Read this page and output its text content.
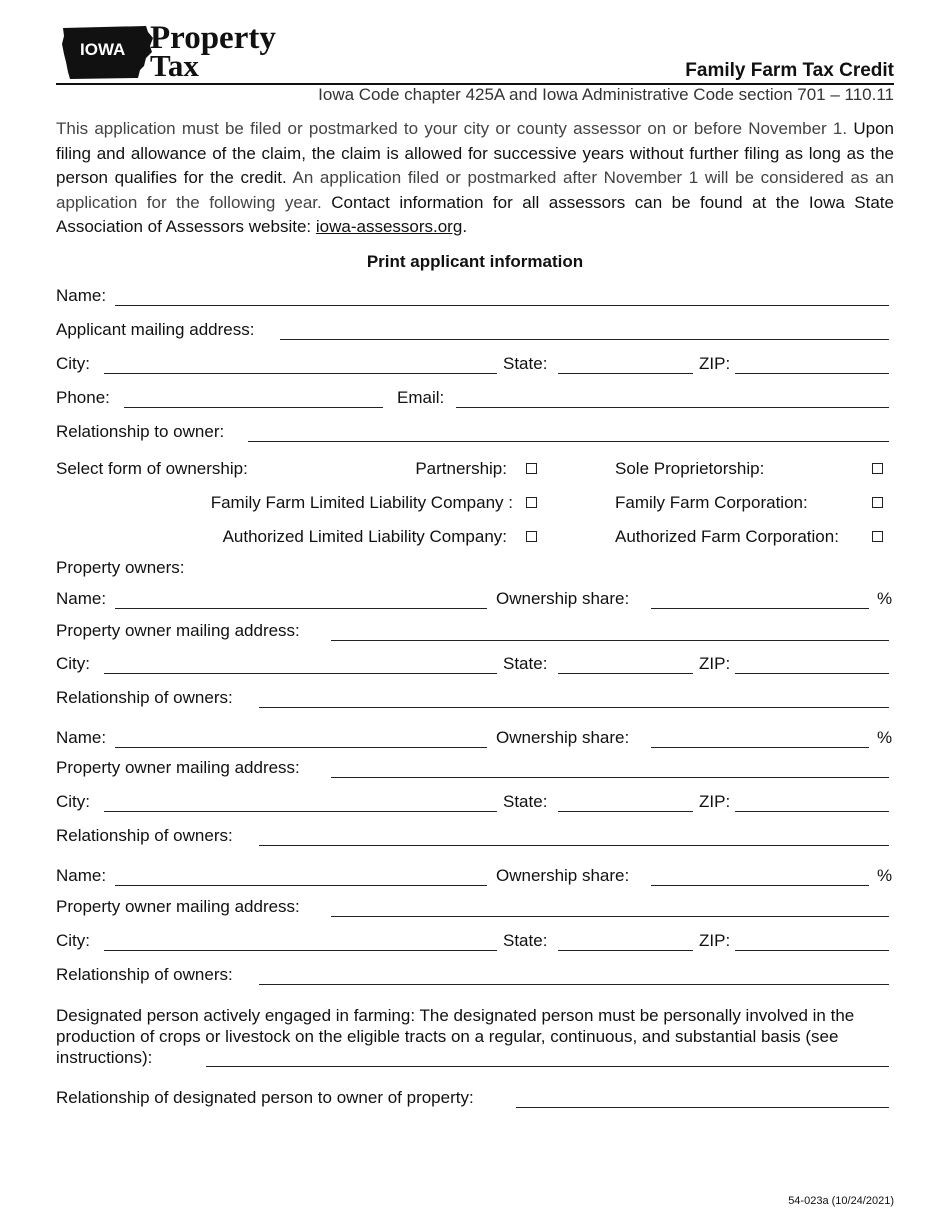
IOWA Property
Tax	Family Farm Tax Credit
Iowa Code chapter 425A and Iowa Administrative Code section 701 – 110.11
This application must be filed or postmarked to your city or county assessor on or before November 1. Upon filing and allowance of the claim, the claim is allowed for successive years without further filing as long as the person qualifies for the credit. An application filed or postmarked after November 1 will be considered as an application for the following year. Contact information for all assessors can be found at the Iowa State Association of Assessors website: iowa-assessors.org.
Print applicant information
Name:
Applicant mailing address:
City:	State:	ZIP:
Phone:	Email:
Relationship to owner:
Select form of ownership:	Partnership:	Sole Proprietorship:
Family Farm Limited Liability Company :	Family Farm Corporation:
Authorized Limited Liability Company:	Authorized Farm Corporation:
Property owners:
Name:	Ownership share:	%
Property owner mailing address:
City:	State:	ZIP:
Relationship of owners:
Name:	Ownership share:	%
Property owner mailing address:
City:	State:	ZIP:
Relationship of owners:
Name:	Ownership share:	%
Property owner mailing address:
City:	State:	ZIP:
Relationship of owners:
Designated person actively engaged in farming: The designated person must be personally involved in the production of crops or livestock on the eligible tracts on a regular, continuous, and substantial basis (see instructions):
Relationship of designated person to owner of property:
54-023a (10/24/2021)
